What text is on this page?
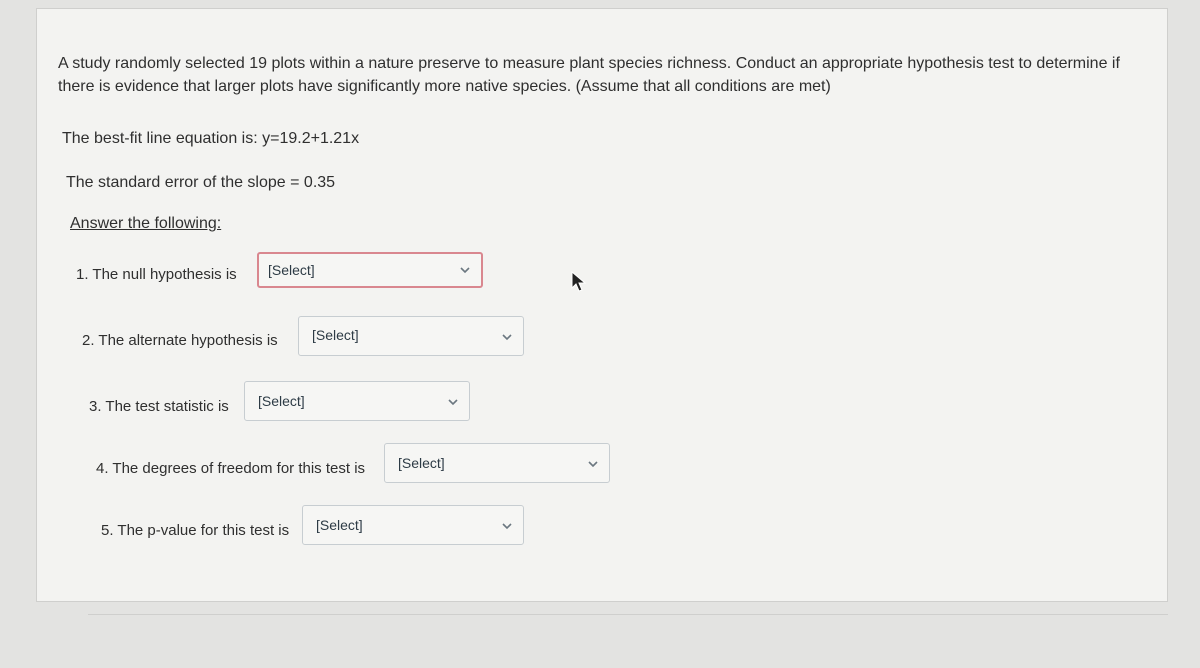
A study randomly selected 19 plots within a nature preserve to measure plant species richness. Conduct an appropriate hypothesis test to determine if there is evidence that larger plots have significantly more native species. (Assume that all conditions are met)
The best-fit line equation is: y=19.2+1.21x
The standard error of the slope = 0.35
Answer the following:
1. The null hypothesis is [Select]
2. The alternate hypothesis is [Select]
3. The test statistic is [Select]
4. The degrees of freedom for this test is [Select]
5. The p-value for this test is [Select]
